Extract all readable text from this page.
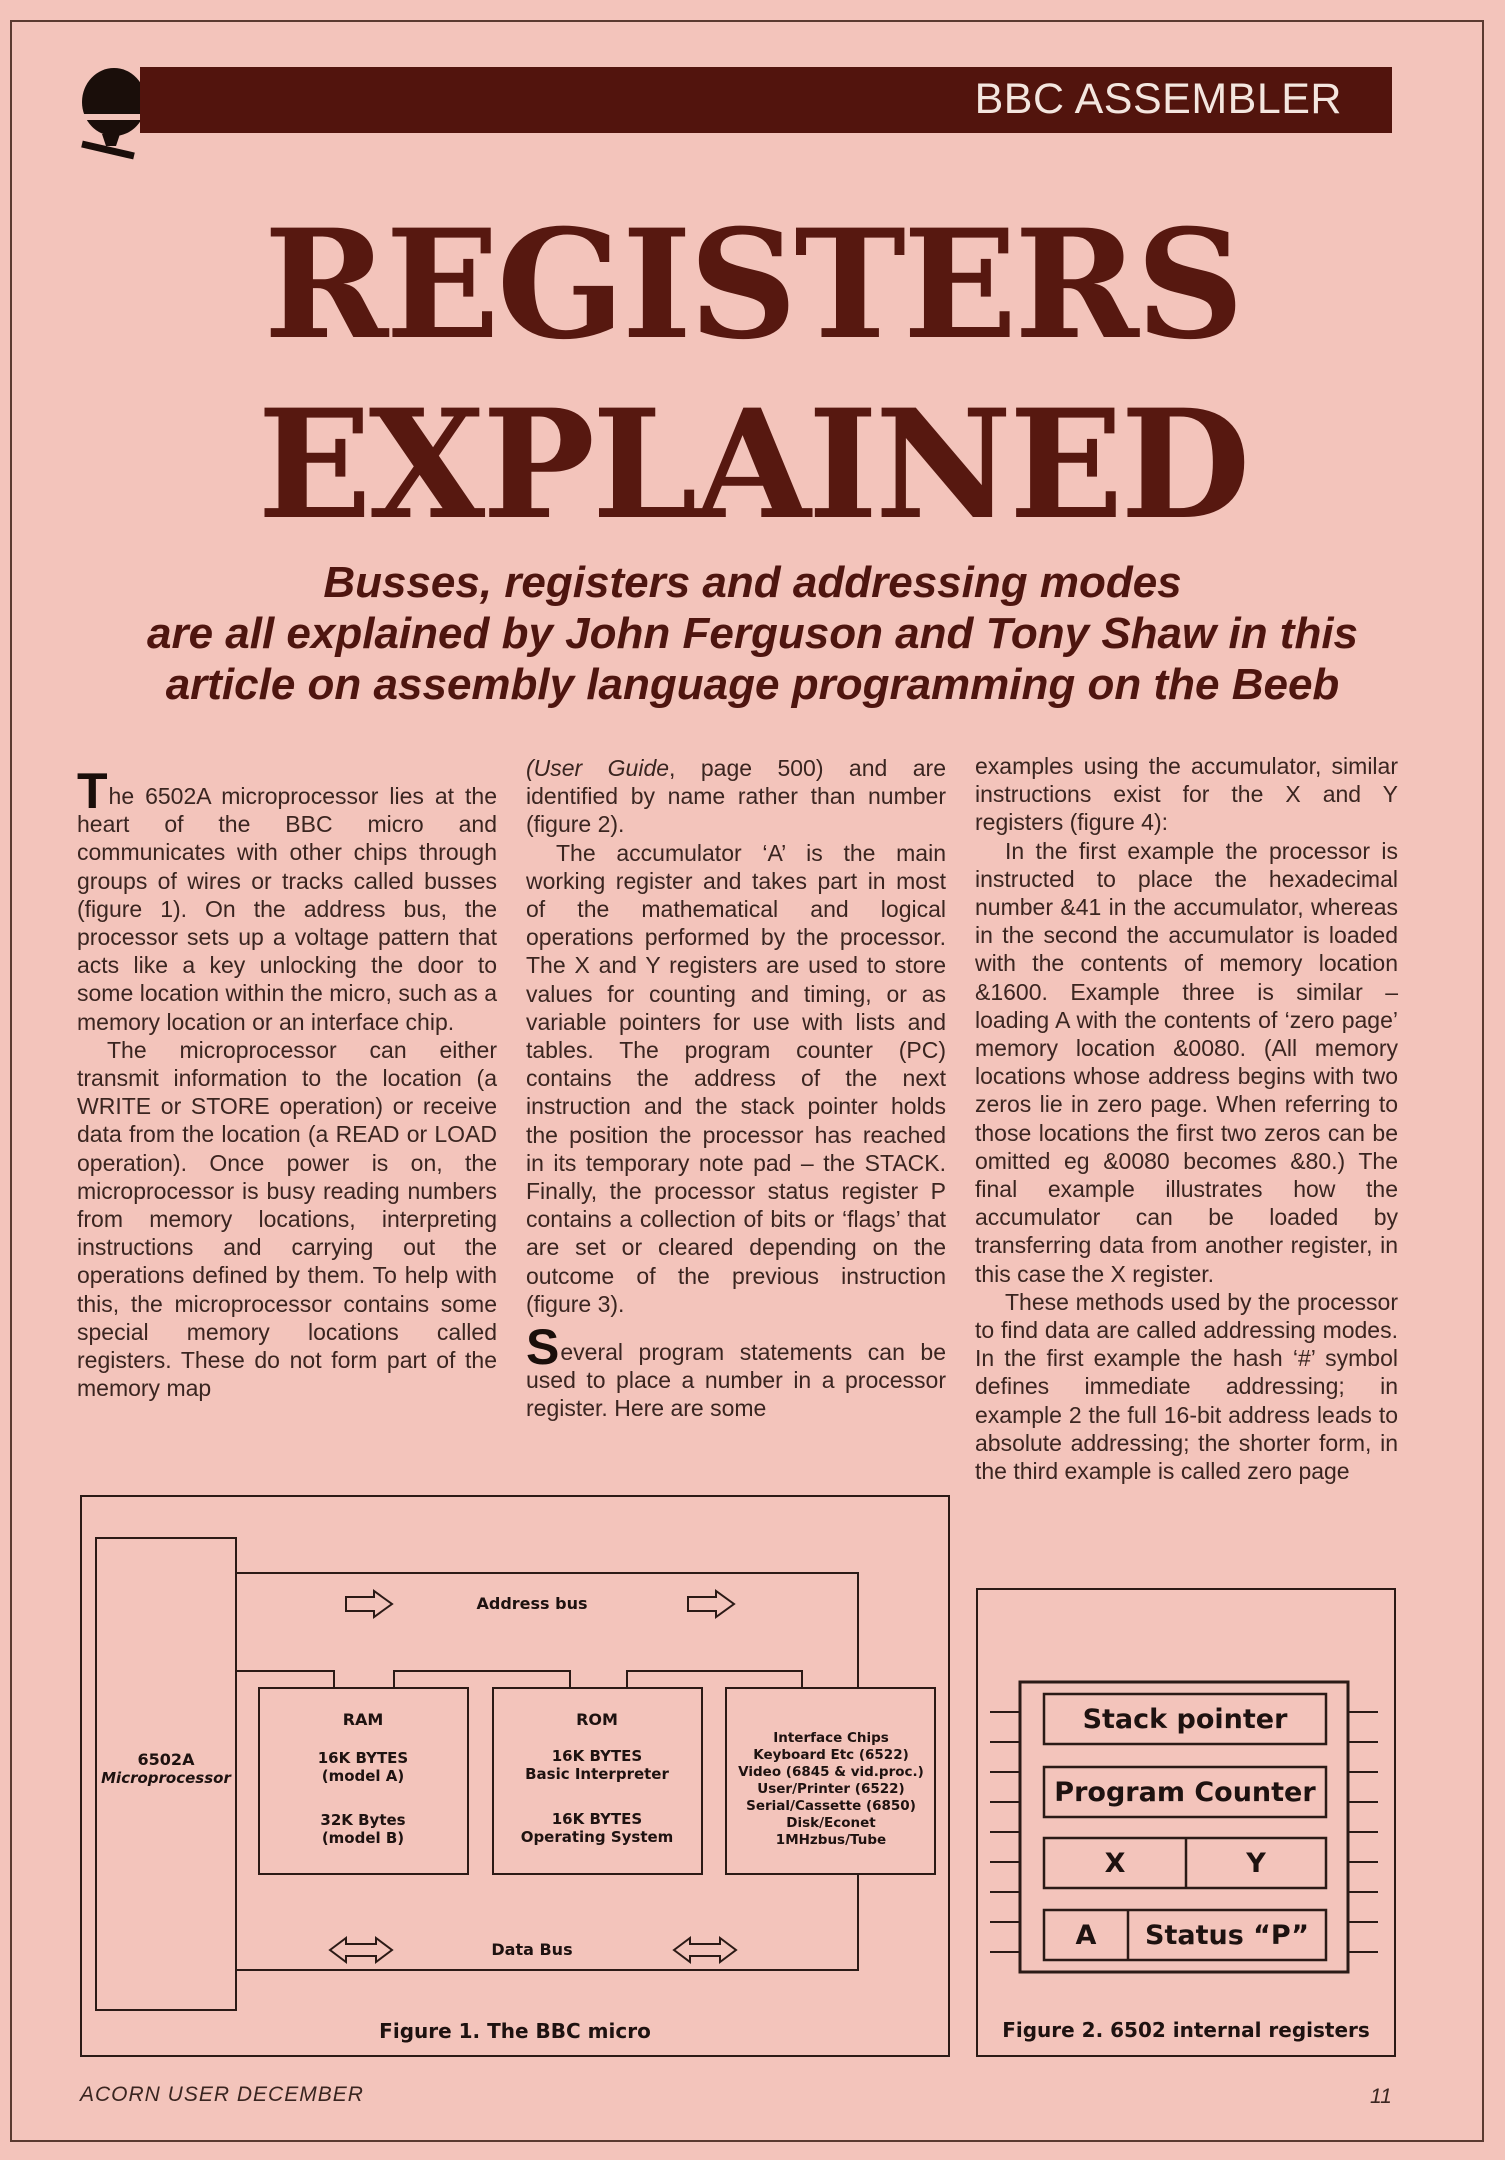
BBC ASSEMBLER
REGISTERS
EXPLAINED
Busses, registers and addressing modes
are all explained by John Ferguson and Tony Shaw in this
article on assembly language programming on the Beeb

The 6502A microprocessor lies at the heart of the BBC micro and communicates with other chips through groups of wires or tracks called busses (figure 1). On the address bus, the processor sets up a voltage pattern that acts like a key unlocking the door to some location within the micro, such as a memory location or an interface chip.

The microprocessor can either transmit information to the location (a WRITE or STORE operation) or receive data from the location (a READ or LOAD operation). Once power is on, the microprocessor is busy reading numbers from memory locations, interpreting instructions and carrying out the operations defined by them. To help with this, the microprocessor contains some special memory locations called registers. These do not form part of the memory map

(User Guide, page 500) and are identified by name rather than number (figure 2).

The accumulator ‘A’ is the main working register and takes part in most of the mathematical and logical operations performed by the processor. The X and Y registers are used to store values for counting and timing, or as variable pointers for use with lists and tables. The program counter (PC) contains the address of the next instruction and the stack pointer holds the position the processor has reached in its temporary note pad – the STACK. Finally, the processor status register P contains a collection of bits or ‘flags’ that are set or cleared depending on the outcome of the previous instruction (figure 3).

Several program statements can be used to place a number in a processor register. Here are some

examples using the accumulator, similar instructions exist for the X and Y registers (figure 4):

In the first example the processor is instructed to place the hexadecimal number &41 in the accumulator, whereas in the second the accumulator is loaded with the contents of memory location &1600. Example three is similar – loading A with the contents of ‘zero page’ memory location &0080. (All memory locations whose address begins with two zeros lie in zero page. When referring to those locations the first two zeros can be omitted eg &0080 becomes &80.) The final example illustrates how the accumulator can be loaded by transferring data from another register, in this case the X register.

These methods used by the processor to find data are called addressing modes. In the first example the hash ‘#’ symbol defines immediate addressing; in example 2 the full 16-bit address leads to absolute addressing; the shorter form, in the third example is called zero page

Address bus
Data Bus
6502A
Microprocessor
RAM
16K BYTES
(model A)
32K Bytes
(model B)
ROM
16K BYTES
Basic Interpreter
16K BYTES
Operating System
Interface Chips
Keyboard Etc (6522)
Video (6845 & vid.proc.)
User/Printer (6522)
Serial/Cassette (6850)
Disk/Econet
1MHzbus/Tube
Figure 1. The BBC micro
Stack pointer
Program Counter
X	Y
A Status “P”
Figure 2. 6502 internal registers
ACORN USER DECEMBER	11
